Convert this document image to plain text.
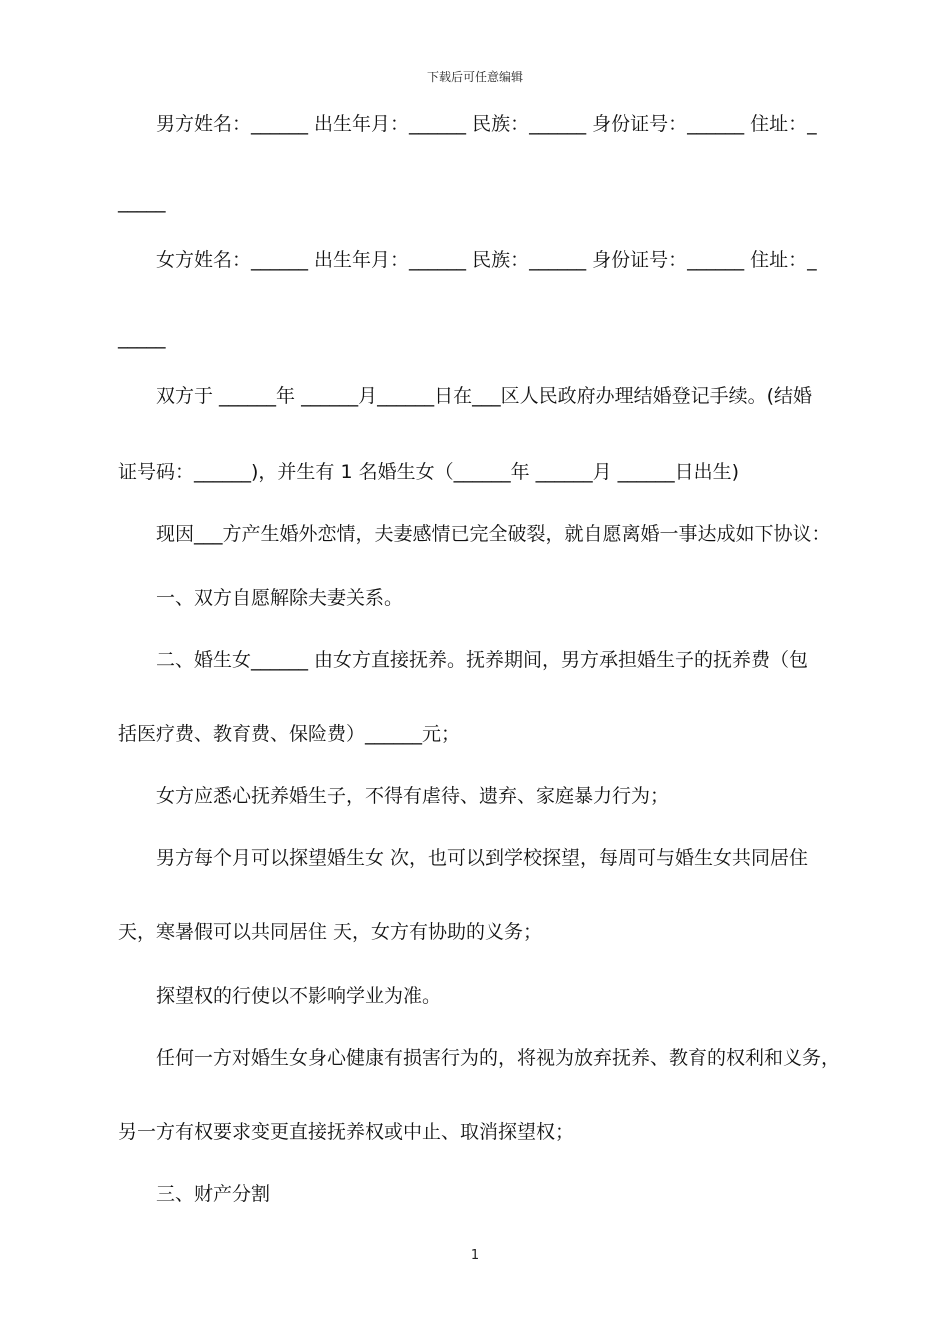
下载后可任意编辑
男方姓名：______ 出生年月：______ 民族：______ 身份证号：______ 住址：_
_____
女方姓名：______ 出生年月：______ 民族：______ 身份证号：______ 住址：_
_____
双方于 ______年 ______月______日在___区人民政府办理结婚登记手续。(结婚
证号码：______)，并生有 1 名婚生女（______年 ______月 ______日出生)
现因___方产生婚外恋情，夫妻感情已完全破裂，就自愿离婚一事达成如下协议：
一、双方自愿解除夫妻关系。
二、婚生女______ 由女方直接抚养。抚养期间，男方承担婚生子的抚养费（包
括医疗费、教育费、保险费）______元；
女方应悉心抚养婚生子，不得有虐待、遗弃、家庭暴力行为；
男方每个月可以探望婚生女 次，也可以到学校探望，每周可与婚生女共同居住
天，寒暑假可以共同居住 天，女方有协助的义务；
探望权的行使以不影响学业为准。
任何一方对婚生女身心健康有损害行为的，将视为放弃抚养、教育的权利和义务，
另一方有权要求变更直接抚养权或中止、取消探望权；
三、财产分割
1
